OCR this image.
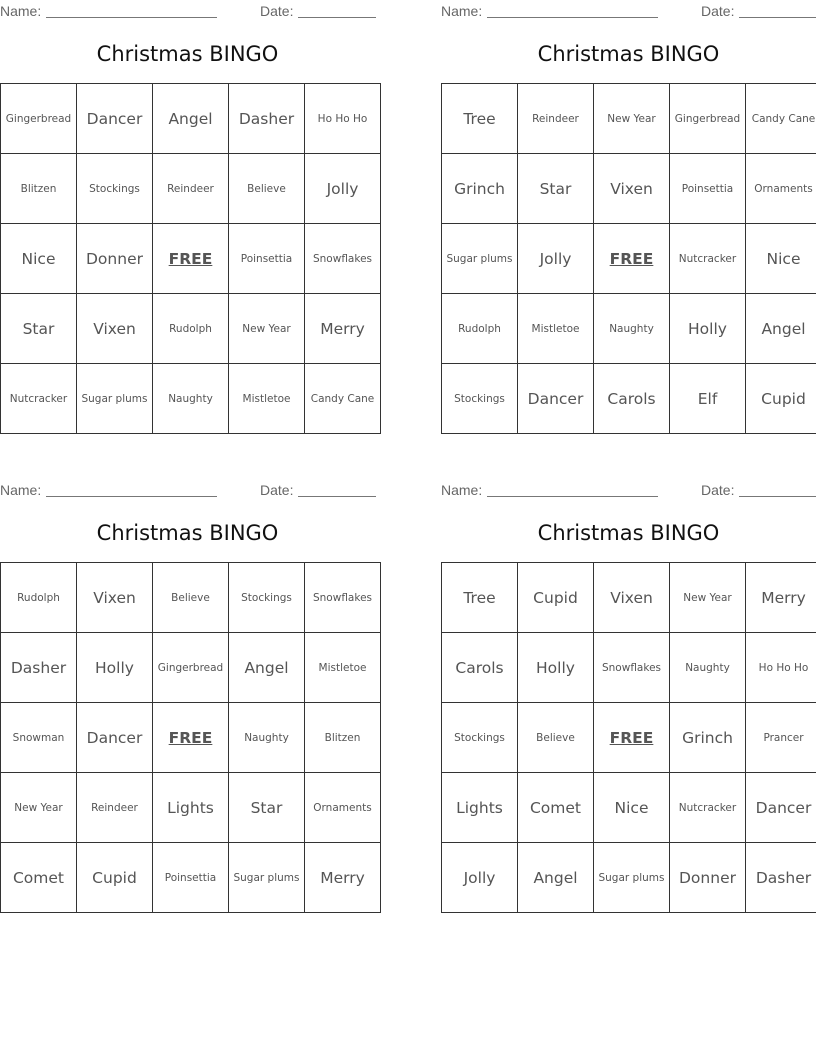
Name:	Date:
Christmas BINGO
Gingerbread	Dancer	Angel	Dasher	Ho Ho Ho
Blitzen	Stockings	Reindeer	Believe	Jolly
Nice	Donner	FREE	Poinsettia	Snowflakes
Star	Vixen	Rudolph	New Year	Merry
Nutcracker	Sugar plums	Naughty	Mistletoe	Candy Cane
Name:	Date:
Christmas BINGO
Tree	Reindeer	New Year	Gingerbread	Candy Cane
Grinch	Star	Vixen	Poinsettia	Ornaments
Sugar plums	Jolly	FREE	Nutcracker	Nice
Rudolph	Mistletoe	Naughty	Holly	Angel
Stockings	Dancer	Carols	Elf	Cupid
Name:	Date:
Christmas BINGO
Rudolph	Vixen	Believe	Stockings	Snowflakes
Dasher	Holly	Gingerbread	Angel	Mistletoe
Snowman	Dancer	FREE	Naughty	Blitzen
New Year	Reindeer	Lights	Star	Ornaments
Comet	Cupid	Poinsettia	Sugar plums	Merry
Name:	Date:
Christmas BINGO
Tree	Cupid	Vixen	New Year	Merry
Carols	Holly	Snowflakes	Naughty	Ho Ho Ho
Stockings	Believe	FREE	Grinch	Prancer
Lights	Comet	Nice	Nutcracker	Dancer
Jolly	Angel	Sugar plums	Donner	Dasher
